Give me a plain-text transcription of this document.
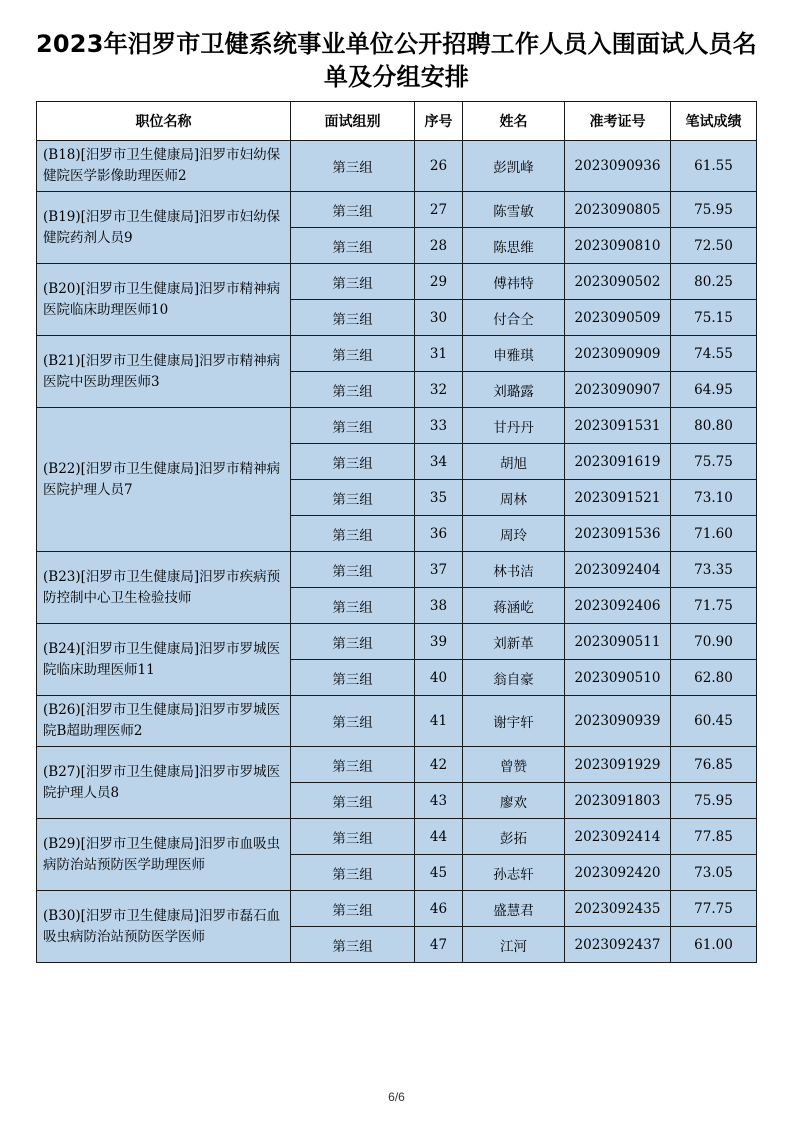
2023年汨罗市卫健系统事业单位公开招聘工作人员入围面试人员名
单及分组安排
职位名称	面试组别	序号	姓名	准考证号	笔试成绩
(B18)[汨罗市卫生健康局]汨罗市妇幼保健院医学影像助理医师2	第三组	26	彭凯峰	2023090936	61.55
(B19)[汨罗市卫生健康局]汨罗市妇幼保健院药剂人员9	第三组	27	陈雪敏	2023090805	75.95
	第三组	28	陈思维	2023090810	72.50
(B20)[汨罗市卫生健康局]汨罗市精神病医院临床助理医师10	第三组	29	傅祎特	2023090502	80.25
	第三组	30	付合仝	2023090509	75.15
(B21)[汨罗市卫生健康局]汨罗市精神病医院中医助理医师3	第三组	31	申雅琪	2023090909	74.55
	第三组	32	刘璐露	2023090907	64.95
(B22)[汨罗市卫生健康局]汨罗市精神病医院护理人员7	第三组	33	甘丹丹	2023091531	80.80
	第三组	34	胡旭	2023091619	75.75
	第三组	35	周林	2023091521	73.10
	第三组	36	周玲	2023091536	71.60
(B23)[汨罗市卫生健康局]汨罗市疾病预防控制中心卫生检验技师	第三组	37	林书洁	2023092404	73.35
	第三组	38	蒋涵屹	2023092406	71.75
(B24)[汨罗市卫生健康局]汨罗市罗城医院临床助理医师11	第三组	39	刘新革	2023090511	70.90
	第三组	40	翁自豪	2023090510	62.80
(B26)[汨罗市卫生健康局]汨罗市罗城医院B超助理医师2	第三组	41	谢宇轩	2023090939	60.45
(B27)[汨罗市卫生健康局]汨罗市罗城医院护理人员8	第三组	42	曾赞	2023091929	76.85
	第三组	43	廖欢	2023091803	75.95
(B29)[汨罗市卫生健康局]汨罗市血吸虫病防治站预防医学助理医师	第三组	44	彭拓	2023092414	77.85
	第三组	45	孙志轩	2023092420	73.05
(B30)[汨罗市卫生健康局]汨罗市磊石血吸虫病防治站预防医学医师	第三组	46	盛慧君	2023092435	77.75
	第三组	47	江河	2023092437	61.00
6/6
